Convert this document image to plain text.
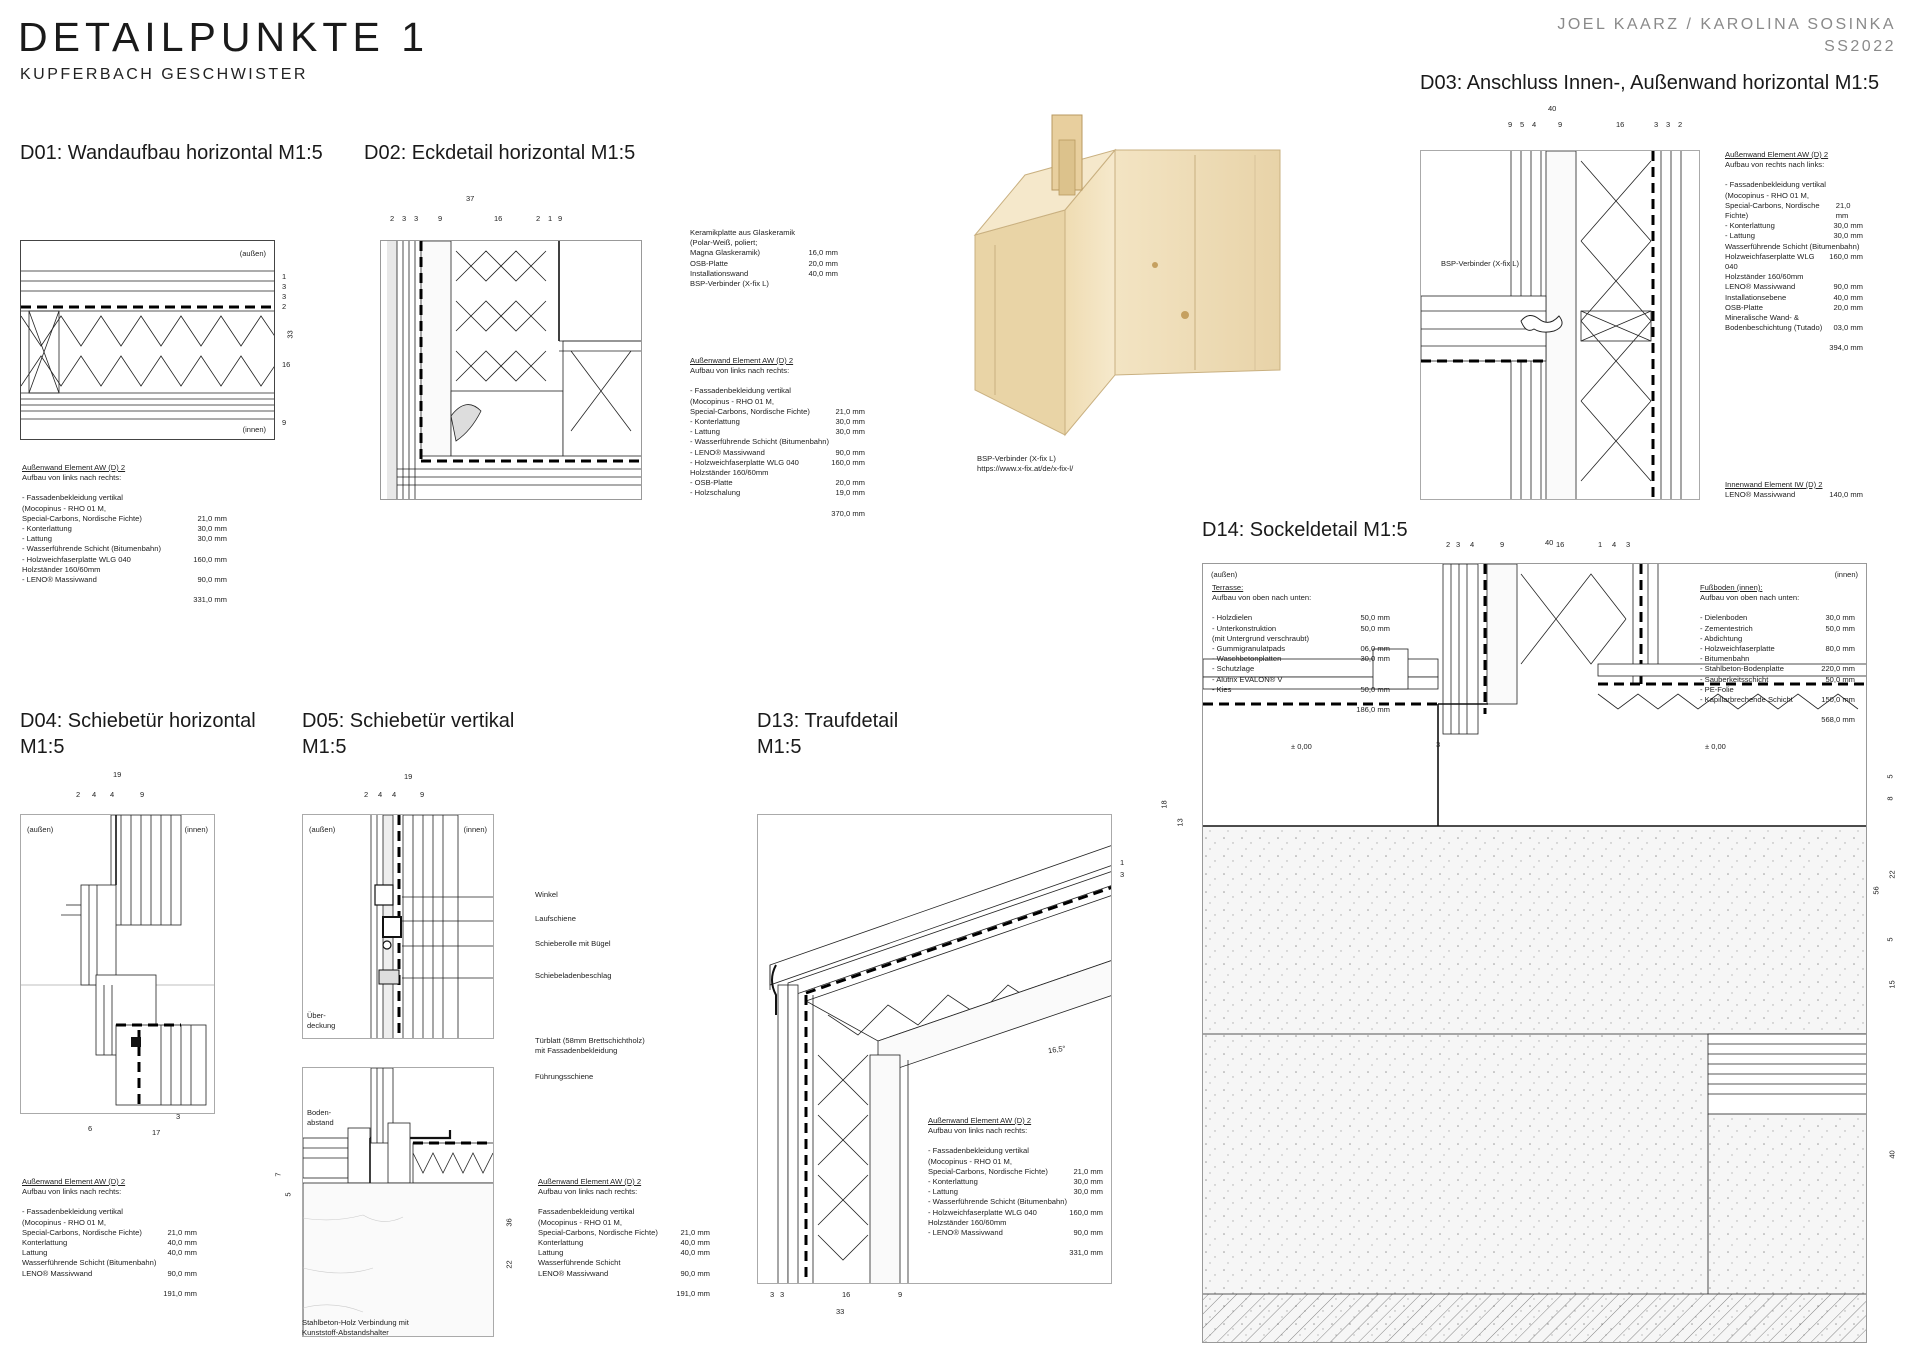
DETAILPUNKTE 1
KUPFERBACH GESCHWISTER
JOEL KAARZ / KAROLINA SOSINKA
SS2022
D01: Wandaufbau horizontal M1:5
(außen)
(innen)
33
1
3
3
2
16
9
Außenwand Element AW (D) 2
Aufbau von links nach rechts:
- Fassadenbekleidung vertikal
(Mocopinus - RHO 01 M,
Special-Carbons, Nordische Fichte)	21,0 mm
- Konterlattung	30,0 mm
- Lattung	30,0 mm
- Wasserführende Schicht (Bitumenbahn)
- Holzweichfaserplatte WLG 040	160,0 mm
Holzständer 160/60mm
- LENO® Massivwand	90,0 mm
331,0 mm
D02: Eckdetail horizontal M1:5
37
2 3 3	9	16	2 1 9
Keramikplatte aus Glaskeramik
(Polar-Weiß, poliert;
Magna Glaskeramik)	16,0 mm
OSB-Platte	20,0 mm
Installationswand	40,0 mm
BSP-Verbinder (X-fix L)
Außenwand Element AW (D) 2
Aufbau von links nach rechts:
- Fassadenbekleidung vertikal
(Mocopinus - RHO 01 M,
Special-Carbons, Nordische Fichte)	21,0 mm
- Konterlattung	30,0 mm
- Lattung	30,0 mm
- Wasserführende Schicht (Bitumenbahn)
- LENO® Massivwand	90,0 mm
- Holzweichfaserplatte WLG 040	160,0 mm
Holzständer 160/60mm
- OSB-Platte	20,0 mm
- Holzschalung	19,0 mm
370,0 mm
BSP-Verbinder (X-fix L)
https://www.x-fix.at/de/x-fix-l/
D03: Anschluss Innen-, Außenwand horizontal M1:5
BSP-Verbinder (X-fix L)
40
9 5 4	9	16	3 3 2
Außenwand Element AW (D) 2
Aufbau von rechts nach links:
- Fassadenbekleidung vertikal
(Mocopinus - RHO 01 M,
Special-Carbons, Nordische Fichte)
21,0 mm
- Konterlattung	30,0 mm
- Lattung	30,0 mm
Wasserführende Schicht (Bitumenbahn)
Holzweichfaserplatte WLG 040
160,0 mm
Holzständer 160/60mm
LENO® Massivwand	90,0 mm
Installationsebene	40,0 mm
OSB-Platte	20,0 mm
Mineralische Wand- &
Bodenbeschichtung (Tutado) 03,0 mm
394,0 mm
Innenwand Element IW (D) 2
LENO® Massivwand	140,0 mm
D14: Sockeldetail M1:5
(außen)	(innen)
± 0,00	± 0,00
40
2 3 4	9	16	1 4 3
18
13
3
5
8
22
56
15
40
5
Terrasse:
Aufbau von oben nach unten:
- Holzdielen	50,0 mm
- Unterkonstruktion	50,0 mm
(mit Untergrund verschraubt)
- Gummigranulatpads	06,0 mm
- Waschbetonplatten	30,0 mm
- Schutzlage
- Alutrix EVALON® V
- Kies	50,0 mm
186,0 mm
Fußboden (innen):
Aufbau von oben nach unten:
- Dielenboden	30,0 mm
- Zementestrich	50,0 mm
- Abdichtung
- Holzweichfaserplatte	80,0 mm
- Bitumenbahn
- Stahlbeton-Bodenplatte	220,0 mm
- Sauberkeitsschicht	50,0 mm
- PE-Folie
- Kapillarbrechende Schicht	150,0 mm
568,0 mm
D04: Schiebetür horizontal
M1:5
(außen)	(innen)
19
2 4 4	9
6	17
3
Außenwand Element AW (D) 2
Aufbau von links nach rechts:
- Fassadenbekleidung vertikal
(Mocopinus - RHO 01 M,
Special-Carbons, Nordische Fichte)	21,0 mm
Konterlattung	40,0 mm
Lattung	40,0 mm
Wasserführende Schicht (Bitumenbahn)
LENO® Massivwand	90,0 mm
191,0 mm
D05: Schiebetür vertikal
M1:5
(außen)	(innen)
Über-
deckung
Boden-
abstand
19
2 4 4	9
36
22
7
5
Winkel
Laufschiene
Schieberolle mit Bügel
Schiebeladenbeschlag
Türblatt (58mm Brettschichtholz)
mit Fassadenbekleidung
Führungsschiene
Stahlbeton-Holz Verbindung mit
Kunststoff-Abstandshalter
Außenwand Element AW (D) 2
Aufbau von links nach rechts:
Fassadenbekleidung vertikal
(Mocopinus - RHO 01 M,
Special-Carbons, Nordische Fichte)	21,0 mm
Konterlattung	40,0 mm
Lattung	40,0 mm
Wasserführende Schicht
LENO® Massivwand	90,0 mm
191,0 mm
D13: Traufdetail
M1:5
16,5°
33
3 3	16	9
1
3
Außenwand Element AW (D) 2
Aufbau von links nach rechts:
- Fassadenbekleidung vertikal
(Mocopinus - RHO 01 M,
Special-Carbons, Nordische Fichte)	21,0 mm
- Konterlattung	30,0 mm
- Lattung	30,0 mm
- Wasserführende Schicht (Bitumenbahn)
- Holzweichfaserplatte WLG 040	160,0 mm
Holzständer 160/60mm
- LENO® Massivwand	90,0 mm
331,0 mm
